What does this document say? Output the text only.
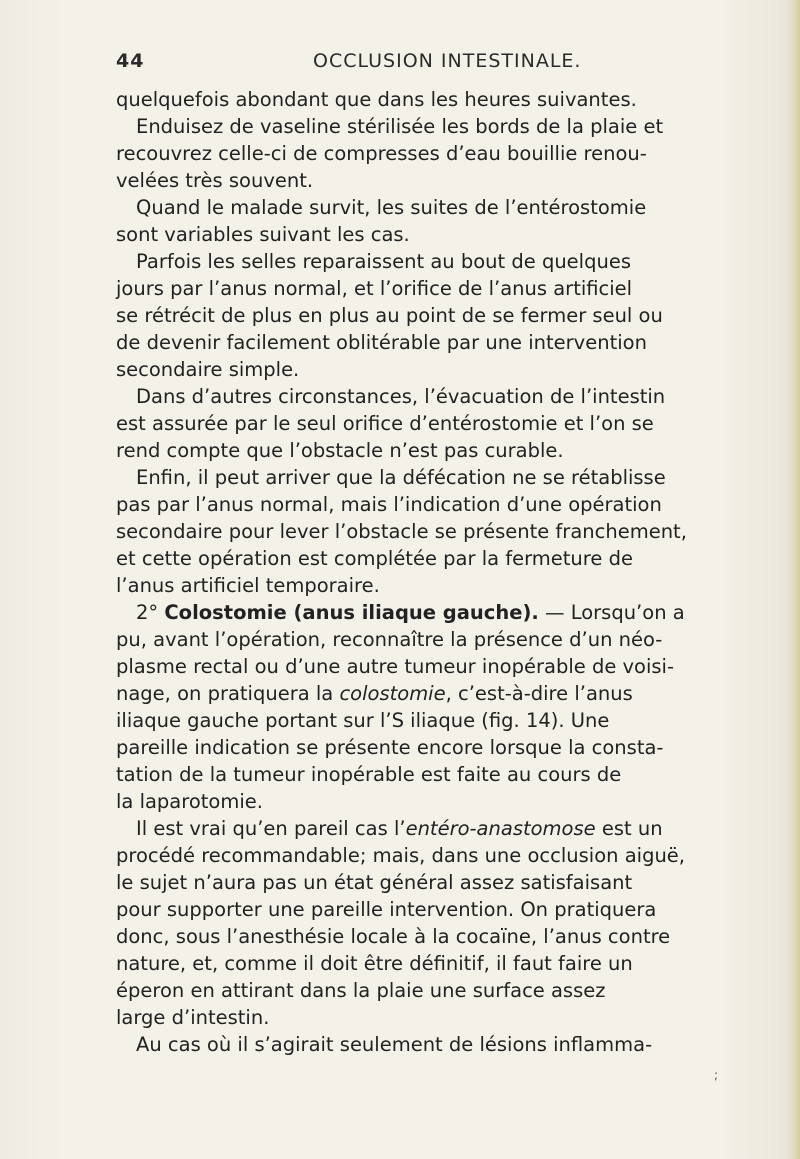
44	OCCLUSION INTESTINALE.
quelquefois abondant que dans les heures suivantes.
Enduisez de vaseline stérilisée les bords de la plaie et
recouvrez celle-ci de compresses d’eau bouillie renou-
velées très souvent.
Quand le malade survit, les suites de l’entérostomie
sont variables suivant les cas.
Parfois les selles reparaissent au bout de quelques
jours par l’anus normal, et l’orifice de l’anus artificiel
se rétrécit de plus en plus au point de se fermer seul ou
de devenir facilement oblitérable par une intervention
secondaire simple.
Dans d’autres circonstances, l’évacuation de l’intestin
est assurée par le seul orifice d’entérostomie et l’on se
rend compte que l’obstacle n’est pas curable.
Enfin, il peut arriver que la défécation ne se rétablisse
pas par l’anus normal, mais l’indication d’une opération
secondaire pour lever l’obstacle se présente franchement,
et cette opération est complétée par la fermeture de
l’anus artificiel temporaire.
2° Colostomie (anus iliaque gauche). — Lorsqu’on a
pu, avant l’opération, reconnaître la présence d’un néo-
plasme rectal ou d’une autre tumeur inopérable de voisi-
nage, on pratiquera la colostomie, c’est-à-dire l’anus
iliaque gauche portant sur l’S iliaque (fig. 14). Une
pareille indication se présente encore lorsque la consta-
tation de la tumeur inopérable est faite au cours de
la laparotomie.
Il est vrai qu’en pareil cas l’entéro-anastomose est un
procédé recommandable; mais, dans une occlusion aiguë,
le sujet n’aura pas un état général assez satisfaisant
pour supporter une pareille intervention. On pratiquera
donc, sous l’anesthésie locale à la cocaïne, l’anus contre
nature, et, comme il doit être définitif, il faut faire un
éperon en attirant dans la plaie une surface assez
large d’intestin.
Au cas où il s’agirait seulement de lésions inflamma-
;
